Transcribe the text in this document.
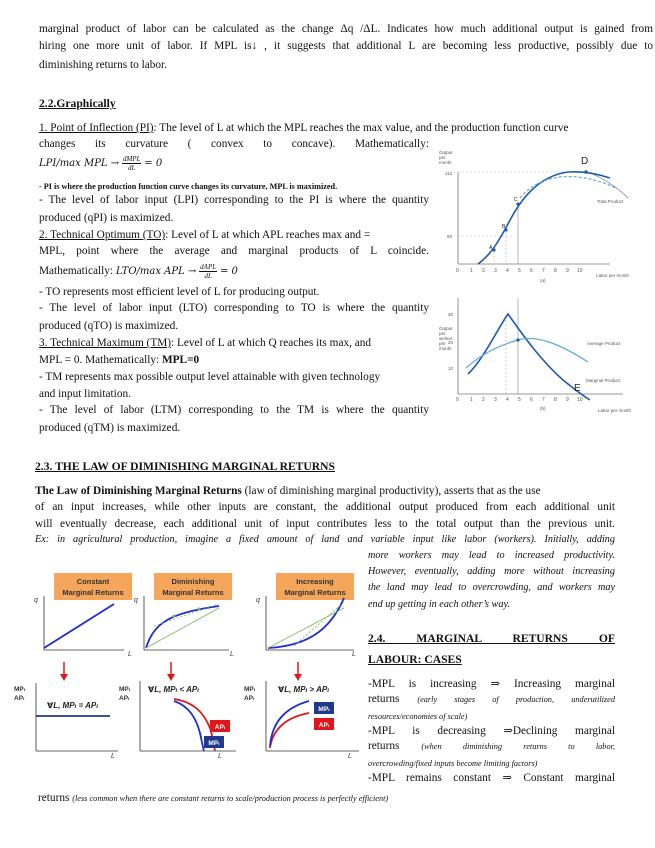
marginal product of labor can be calculated as the change Δq /ΔL. Indicates how much additional output is gained from
hiring one more unit of labor. If MPL is↓ , it suggests that additional L are becoming less productive, possibly due to
diminishing returns to labor.
2.2.Graphically
1. Point of Inflection (PI): The level of L at which the MPL reaches the max value, and the production function curve
changes its curvature ( convex to concave). Mathematically:
LPI/max MPL → $\frac{\text{dMPL}}{dL} = 0$
- PI is where the production function curve changes its curvature, MPL is maximized.
- The level of labor input (LPI) corresponding to the PI is where the quantity
produced (qPI) is maximized.
2. Technical Optimum (TO): Level of L at which APL reaches max and =
MPL, point where the average and marginal products of L coincide.
Mathematically: LTO/max APL → $\frac{\text{dAPL}}{dL} = 0$
- TO represents most efficient level of L for producing output.
- The level of labor input (LTO) corresponding to TO is where the quantity
produced (qTO) is maximized.
3. Technical Maximum (TM): Level of L at which Q reaches its max, and
MPL = 0. Mathematically: MPL=0
- TM represents max possible output level attainable with given technology
and input limitation.
- The level of labor (LTM) corresponding to the TM is where the quantity
produced (qTM) is maximized.
Output
per
month
112
60
D
C
B
A
Total Product
0 1 2 3 4 5 6 7 8 9 10
Labor per month
(a)
Output
per
worker
per
month
30
20
10
E
Average Product
Marginal Product
0 1 2 3 4 5 6 7 8 9 10
(b)	Labor per month
2.3. THE LAW OF DIMINISHING MARGINAL RETURNS
The Law of Diminishing Marginal Returns (law of diminishing marginal productivity), asserts that as the use
of an input increases, while other inputs are constant, the additional output produced from each additional unit
will eventually decrease, each additional unit of input contributes less to the total output than the previous unit.
Ex: in agricultural production, imagine a fixed amount of land and variable input like labor (workers). Initially, adding
more workers may lead to increased productivity.
However, eventually, adding more without increasing
the land may lead to overcrowding, and workers may
end up getting in each other’s way.
Constant
Marginal Returns
Diminishing
Marginal Returns
Increasing
Marginal Returns
q
L
q
L
q
L
MPₗ
APₗ
∀L, MPₗ = APₗ
L
MPₗ
APₗ
∀L, MPₗ < APₗ
APₗ
MPₗ
L
MPₗ
APₗ
∀L, MPₗ > APₗ
MPₗ
APₗ
L
2.4. MARGINAL RETURNS OF
LABOUR: CASES
-MPL is increasing ⇒ Increasing marginal
returns (early stages of production, underutilized
resources/economies of scale)
-MPL is decreasing ⇒Declining marginal
returns	(when diminishing returns to labor,
overcrowding/fixed inputs become limiting factors)
-MPL remains constant ⇒ Constant marginal
returns (less common when there are constant returns to scale/production process is perfectly efficient)
